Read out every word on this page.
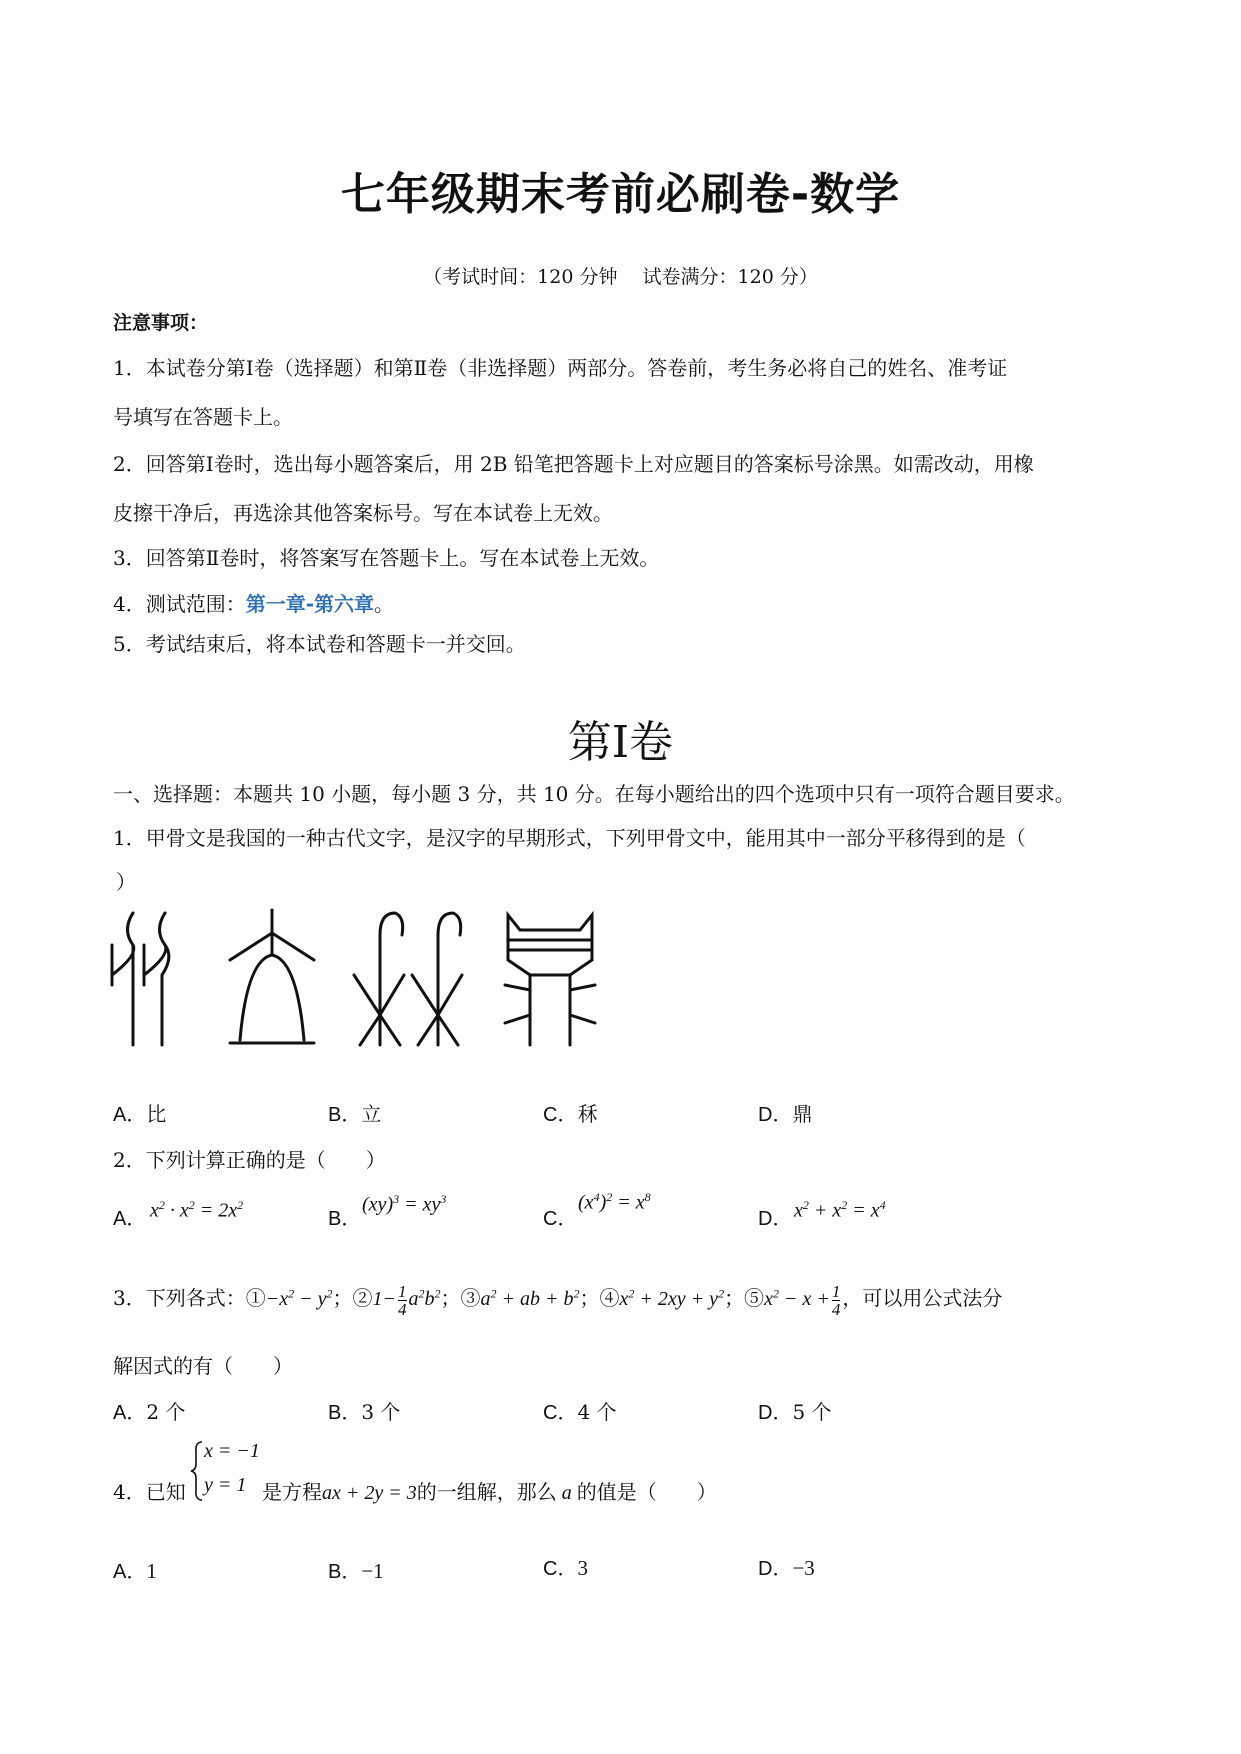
七年级期末考前必刷卷-数学
（考试时间：120 分钟　 试卷满分：120 分）
注意事项：
1．本试卷分第Ⅰ卷（选择题）和第Ⅱ卷（非选择题）两部分。答卷前，考生务必将自己的姓名、准考证
号填写在答题卡上。
2．回答第Ⅰ卷时，选出每小题答案后，用 2B 铅笔把答题卡上对应题目的答案标号涂黑。如需改动，用橡
皮擦干净后，再选涂其他答案标号。写在本试卷上无效。
3．回答第Ⅱ卷时，将答案写在答题卡上。写在本试卷上无效。
4．测试范围：第一章-第六章。
5．考试结束后，将本试卷和答题卡一并交回。
第Ⅰ卷
一、选择题：本题共 10 小题，每小题 3 分，共 10 分。在每小题给出的四个选项中只有一项符合题目要求。
1．甲骨文是我国的一种古代文字，是汉字的早期形式，下列甲骨文中，能用其中一部分平移得到的是（
）
A．比	B．立	C．秝	D．鼎
2．下列计算正确的是（　　）
A．	B．	C．	D．
$x^2 \cdot x^2 = 2x^2$	$(xy)^3 = xy^3$	$(x^4)^2 = x^8$
$x^2 + x^2 = x^4$
3．下列各式：$①-x^2 - y^2$；②1− $\frac{1}{4} a^2b^2$；$③a^2$ + ab + $b^2$；$④x^2 + 2xy + y^2$；$⑤x^2 - x + \frac{1}{4}$ ，可以用公式法分
解因式的有（　　）
A．2 个	B．3 个	C．4 个	D．5 个
4．已知
x = −1
y = 1 是方程ax + 2y = 3的一组解，那么 a 的值是（　　）
A．1	B．−1	C．3	D．−3
